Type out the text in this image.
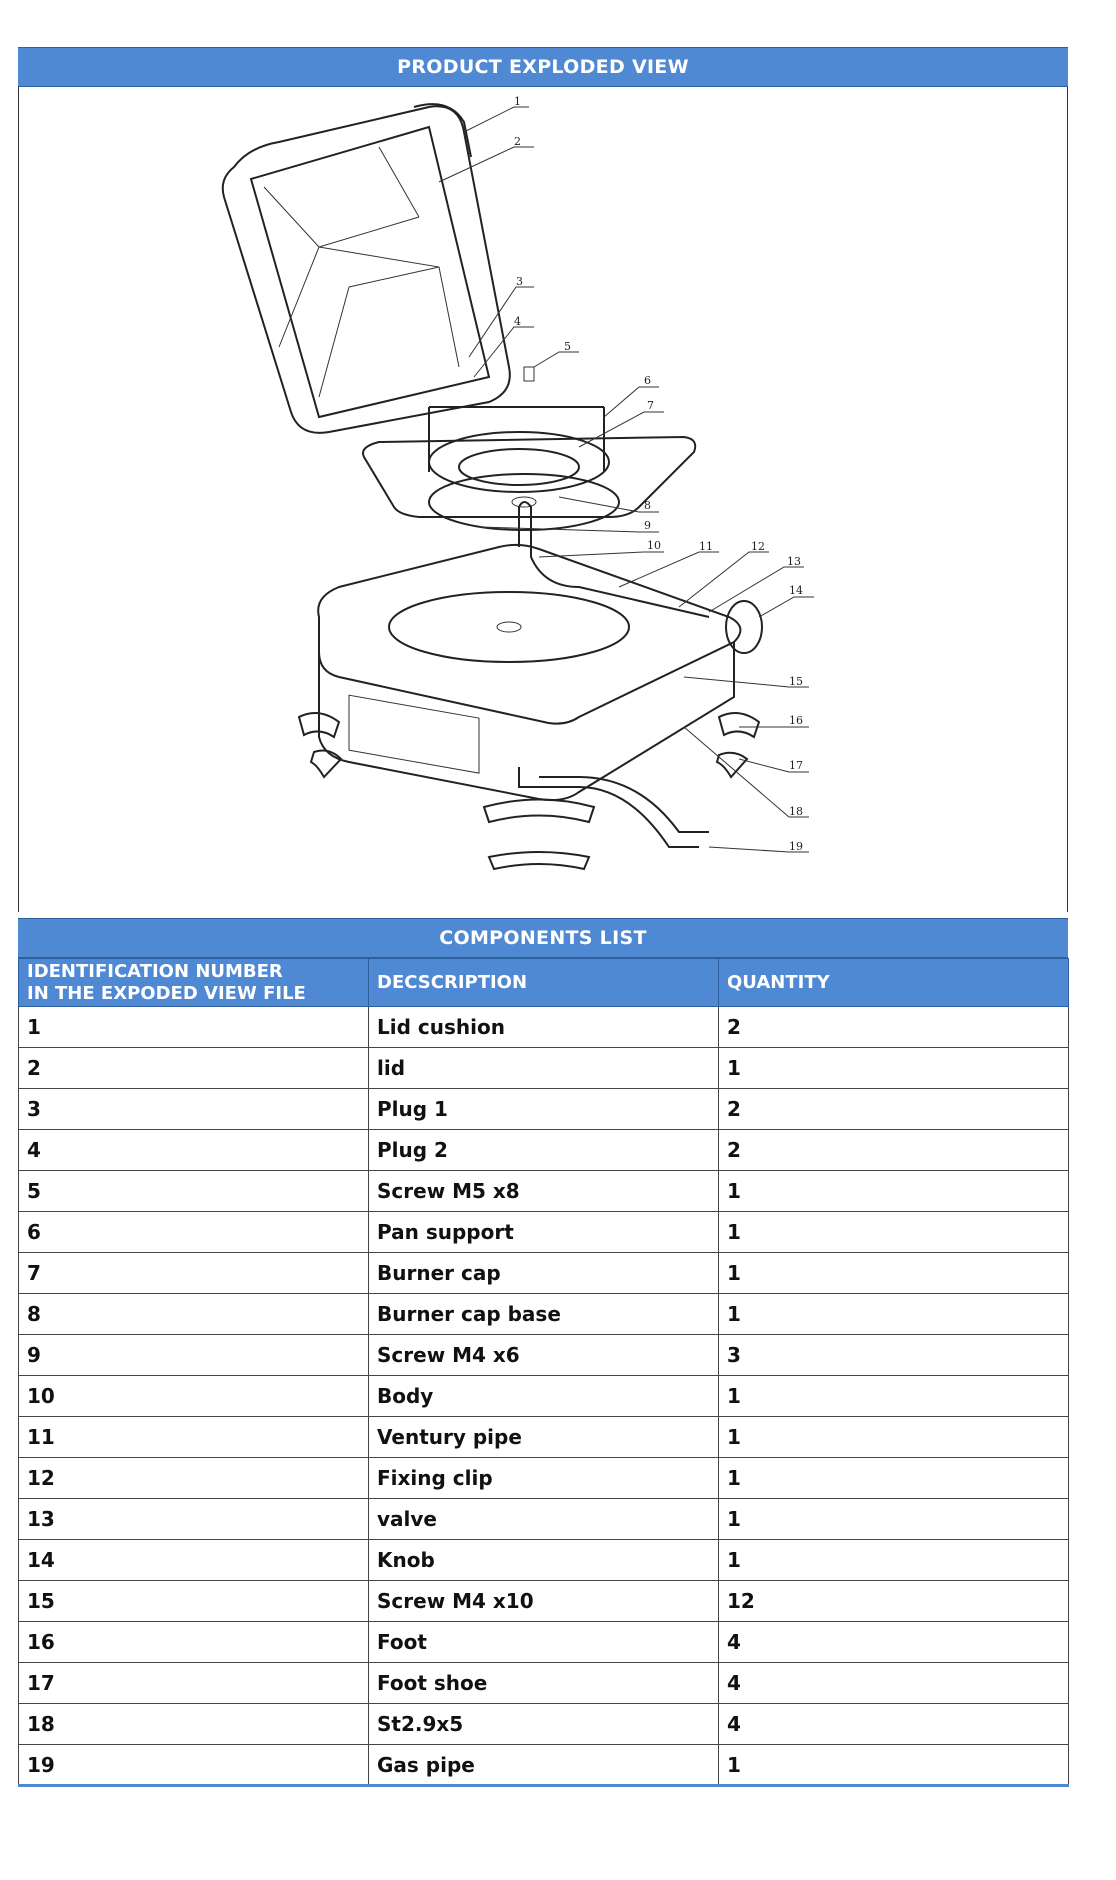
PRODUCT EXPLODED VIEW
1
2
3
4
5
6
7
8
9
10	11	12
13
14
15
16
17
18
19
COMPONENTS LIST
IDENTIFICATION NUMBER
IN THE EXPODED VIEW FILE	DECSCRIPTION	QUANTITY
1	Lid cushion	2
2	lid	1
3	Plug 1	2
4	Plug 2	2
5	Screw M5 x8	1
6	Pan support	1
7	Burner cap	1
8	Burner cap base	1
9	Screw M4 x6	3
10	Body	1
11	Ventury pipe	1
12	Fixing clip	1
13	valve	1
14	Knob	1
15	Screw M4 x10	12
16	Foot	4
17	Foot shoe	4
18	St2.9x5	4
19	Gas pipe	1
